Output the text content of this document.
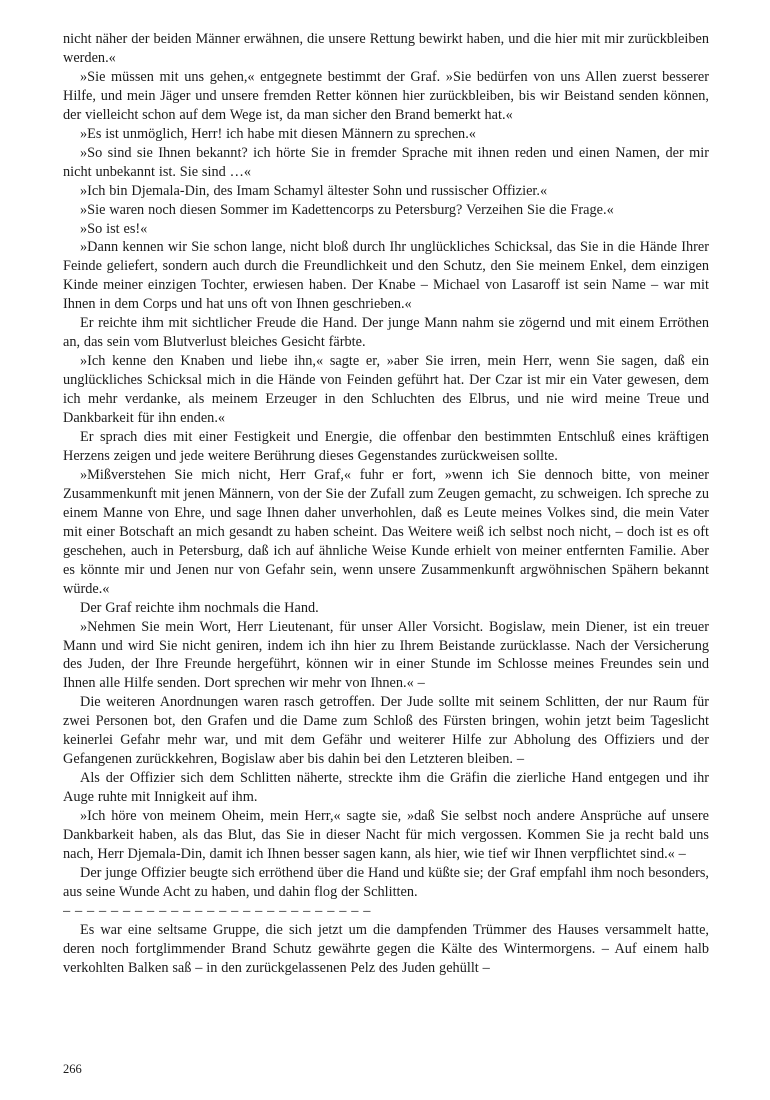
nicht näher der beiden Männer erwähnen, die unsere Rettung bewirkt haben, und die hier mit mir zurückbleiben werden.«

»Sie müssen mit uns gehen,« entgegnete bestimmt der Graf. »Sie bedürfen von uns Allen zuerst besserer Hilfe, und mein Jäger und unsere fremden Retter können hier zurückbleiben, bis wir Beistand senden können, der vielleicht schon auf dem Wege ist, da man sicher den Brand bemerkt hat.«

»Es ist unmöglich, Herr! ich habe mit diesen Männern zu sprechen.«

»So sind sie Ihnen bekannt? ich hörte Sie in fremder Sprache mit ihnen reden und einen Namen, der mir nicht unbekannt ist. Sie sind …«

»Ich bin Djemala-Din, des Imam Schamyl ältester Sohn und russischer Offizier.«

»Sie waren noch diesen Sommer im Kadettencorps zu Petersburg? Verzeihen Sie die Frage.«

»So ist es!«

»Dann kennen wir Sie schon lange, nicht bloß durch Ihr unglückliches Schicksal, das Sie in die Hände Ihrer Feinde geliefert, sondern auch durch die Freundlichkeit und den Schutz, den Sie meinem Enkel, dem einzigen Kinde meiner einzigen Tochter, erwiesen haben. Der Knabe – Michael von Lasaroff ist sein Name – war mit Ihnen in dem Corps und hat uns oft von Ihnen geschrieben.«

Er reichte ihm mit sichtlicher Freude die Hand. Der junge Mann nahm sie zögernd und mit einem Erröthen an, das sein vom Blutverlust bleiches Gesicht färbte.

»Ich kenne den Knaben und liebe ihn,« sagte er, »aber Sie irren, mein Herr, wenn Sie sagen, daß ein unglückliches Schicksal mich in die Hände von Feinden geführt hat. Der Czar ist mir ein Vater gewesen, dem ich mehr verdanke, als meinem Erzeuger in den Schluchten des Elbrus, und nie wird meine Treue und Dankbarkeit für ihn enden.«

Er sprach dies mit einer Festigkeit und Energie, die offenbar den bestimmten Entschluß eines kräftigen Herzens zeigen und jede weitere Berührung dieses Gegenstandes zurückweisen sollte.

»Mißverstehen Sie mich nicht, Herr Graf,« fuhr er fort, »wenn ich Sie dennoch bitte, von meiner Zusammenkunft mit jenen Männern, von der Sie der Zufall zum Zeugen gemacht, zu schweigen. Ich spreche zu einem Manne von Ehre, und sage Ihnen daher unverhohlen, daß es Leute meines Volkes sind, die mein Vater mit einer Botschaft an mich gesandt zu haben scheint. Das Weitere weiß ich selbst noch nicht, – doch ist es oft geschehen, auch in Petersburg, daß ich auf ähnliche Weise Kunde erhielt von meiner entfernten Familie. Aber es könnte mir und Jenen nur von Gefahr sein, wenn unsere Zusammenkunft argwöhnischen Spähern bekannt würde.«

Der Graf reichte ihm nochmals die Hand.

»Nehmen Sie mein Wort, Herr Lieutenant, für unser Aller Vorsicht. Bogislaw, mein Diener, ist ein treuer Mann und wird Sie nicht geniren, indem ich ihn hier zu Ihrem Beistande zurücklasse. Nach der Versicherung des Juden, der Ihre Freunde hergeführt, können wir in einer Stunde im Schlosse meines Freundes sein und Ihnen alle Hilfe senden. Dort sprechen wir mehr von Ihnen.« –

Die weiteren Anordnungen waren rasch getroffen. Der Jude sollte mit seinem Schlitten, der nur Raum für zwei Personen bot, den Grafen und die Dame zum Schloß des Fürsten bringen, wohin jetzt beim Tageslicht keinerlei Gefahr mehr war, und mit dem Gefähr und weiterer Hilfe zur Abholung des Offiziers und der Gefangenen zurückkehren, Bogislaw aber bis dahin bei den Letzteren bleiben. –

Als der Offizier sich dem Schlitten näherte, streckte ihm die Gräfin die zierliche Hand entgegen und ihr Auge ruhte mit Innigkeit auf ihm.

»Ich höre von meinem Oheim, mein Herr,« sagte sie, »daß Sie selbst noch andere Ansprüche auf unsere Dankbarkeit haben, als das Blut, das Sie in dieser Nacht für mich vergossen. Kommen Sie ja recht bald uns nach, Herr Djemala-Din, damit ich Ihnen besser sagen kann, als hier, wie tief wir Ihnen verpflichtet sind.« –

Der junge Offizier beugte sich erröthend über die Hand und küßte sie; der Graf empfahl ihm noch besonders, aus seine Wunde Acht zu haben, und dahin flog der Schlitten.

– – – – – – – – – – – – – – – – – – – – – – – – – –

Es war eine seltsame Gruppe, die sich jetzt um die dampfenden Trümmer des Hauses versammelt hatte, deren noch fortglimmender Brand Schutz gewährte gegen die Kälte des Wintermorgens. – Auf einem halb verkohlten Balken saß – in den zurückgelassenen Pelz des Juden gehüllt –

266
